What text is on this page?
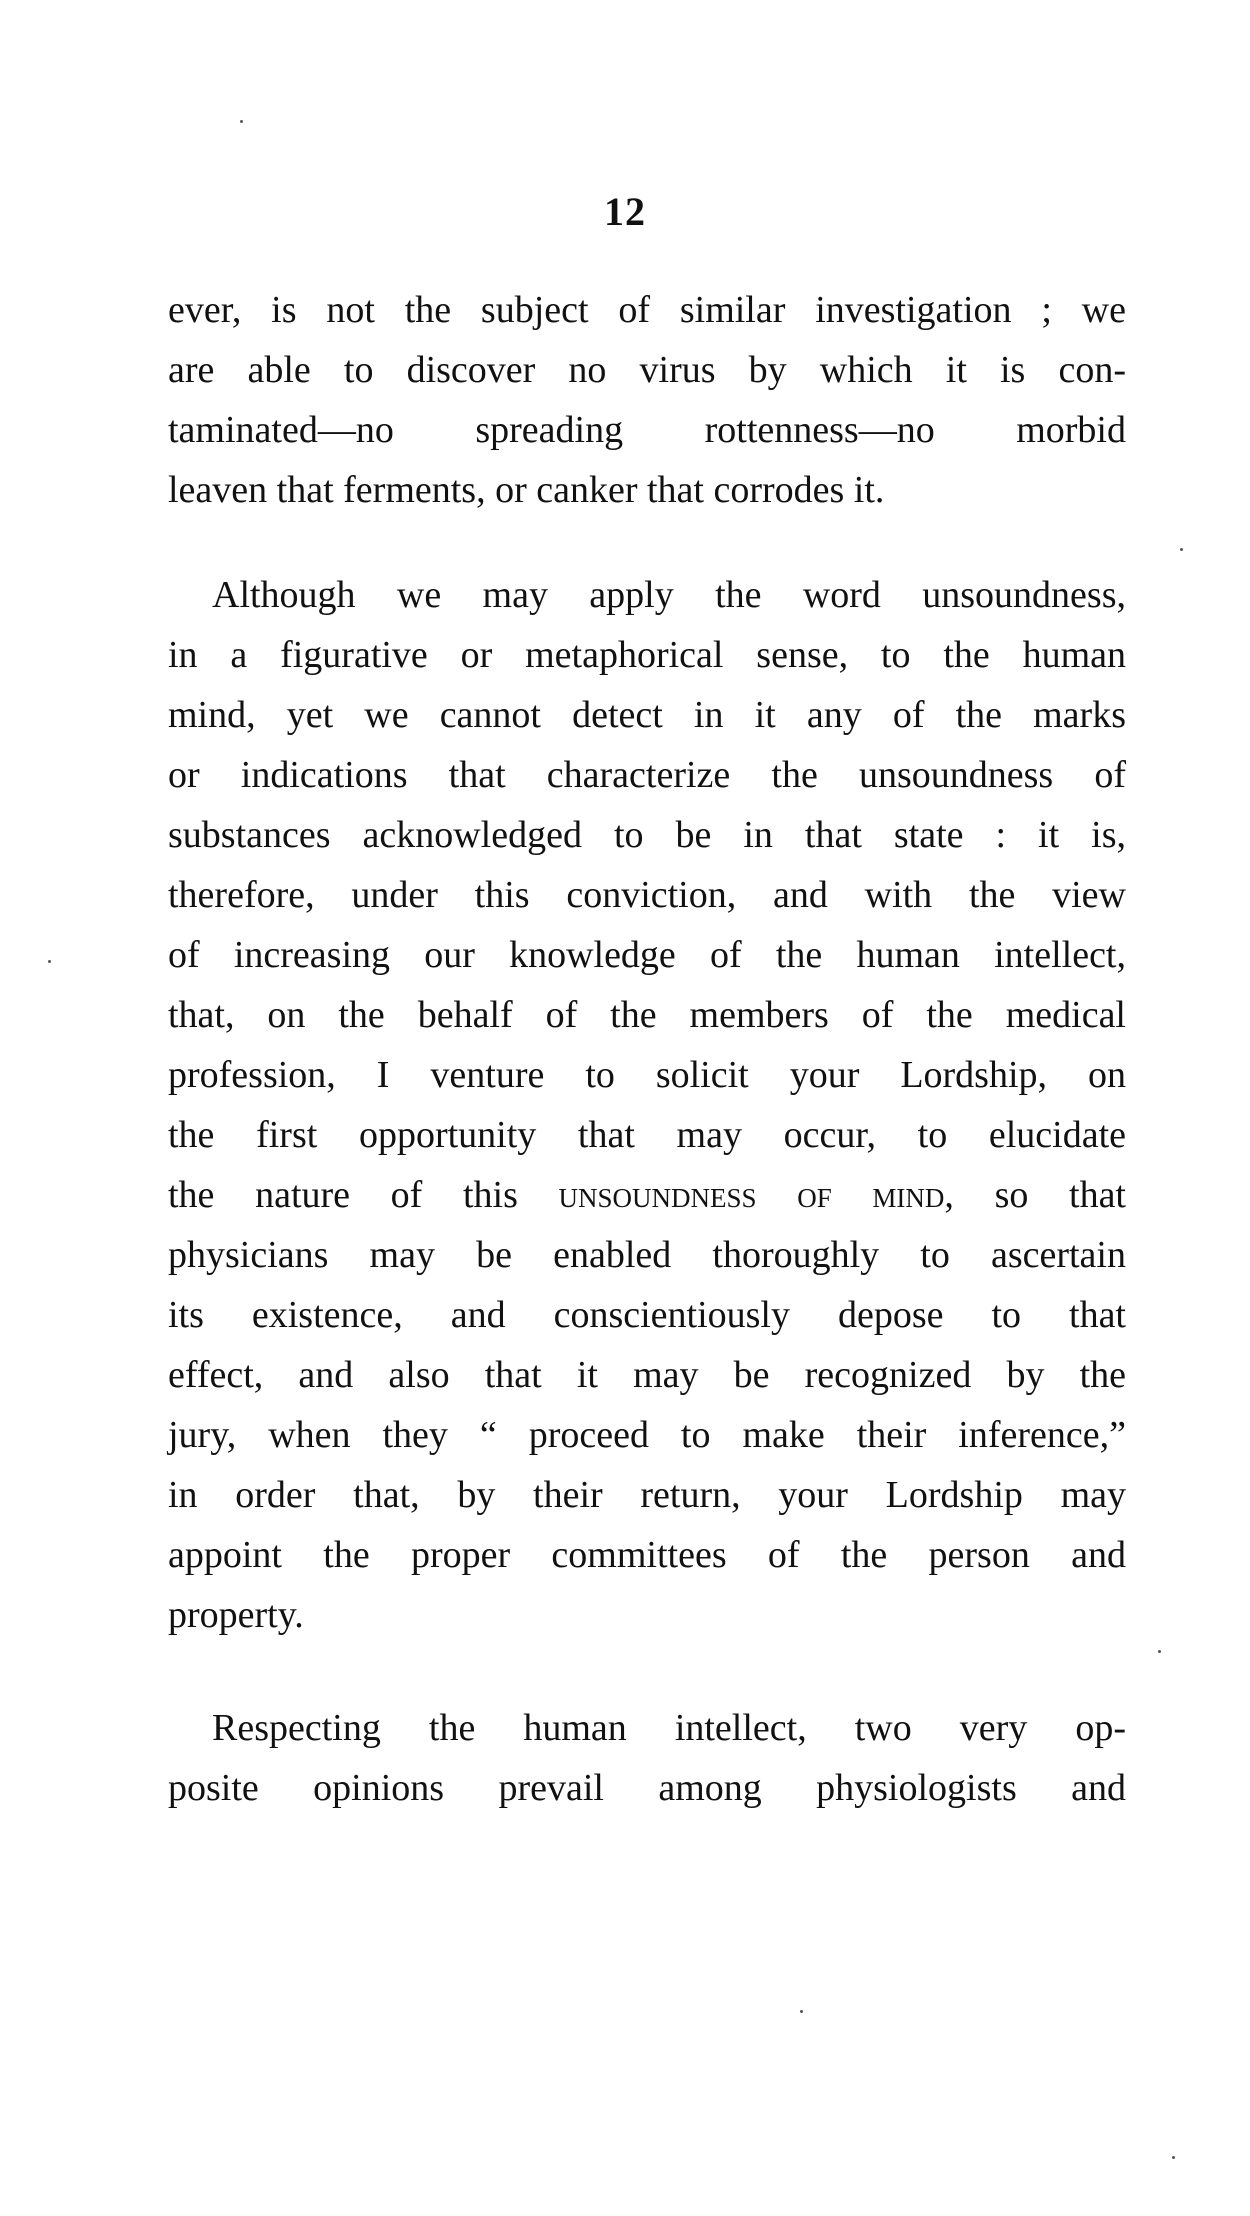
12
ever, is not the subject of similar investigation ; we
are able to discover no virus by which it is con-
taminated—no spreading rottenness—no morbid
leaven that ferments, or canker that corrodes it.
Although we may apply the word unsoundness,
in a figurative or metaphorical sense, to the human
mind, yet we cannot detect in it any of the marks
or indications that characterize the unsoundness of
substances acknowledged to be in that state : it is,
therefore, under this conviction, and with the view
of increasing our knowledge of the human intellect,
that, on the behalf of the members of the medical
profession, I venture to solicit your Lordship, on
the first opportunity that may occur, to elucidate
the nature of this unsoundness of mind, so that
physicians may be enabled thoroughly to ascertain
its existence, and conscientiously depose to that
effect, and also that it may be recognized by the
jury, when they “ proceed to make their inference,”
in order that, by their return, your Lordship may
appoint the proper committees of the person and
property.
Respecting the human intellect, two very op-
posite opinions prevail among physiologists and
